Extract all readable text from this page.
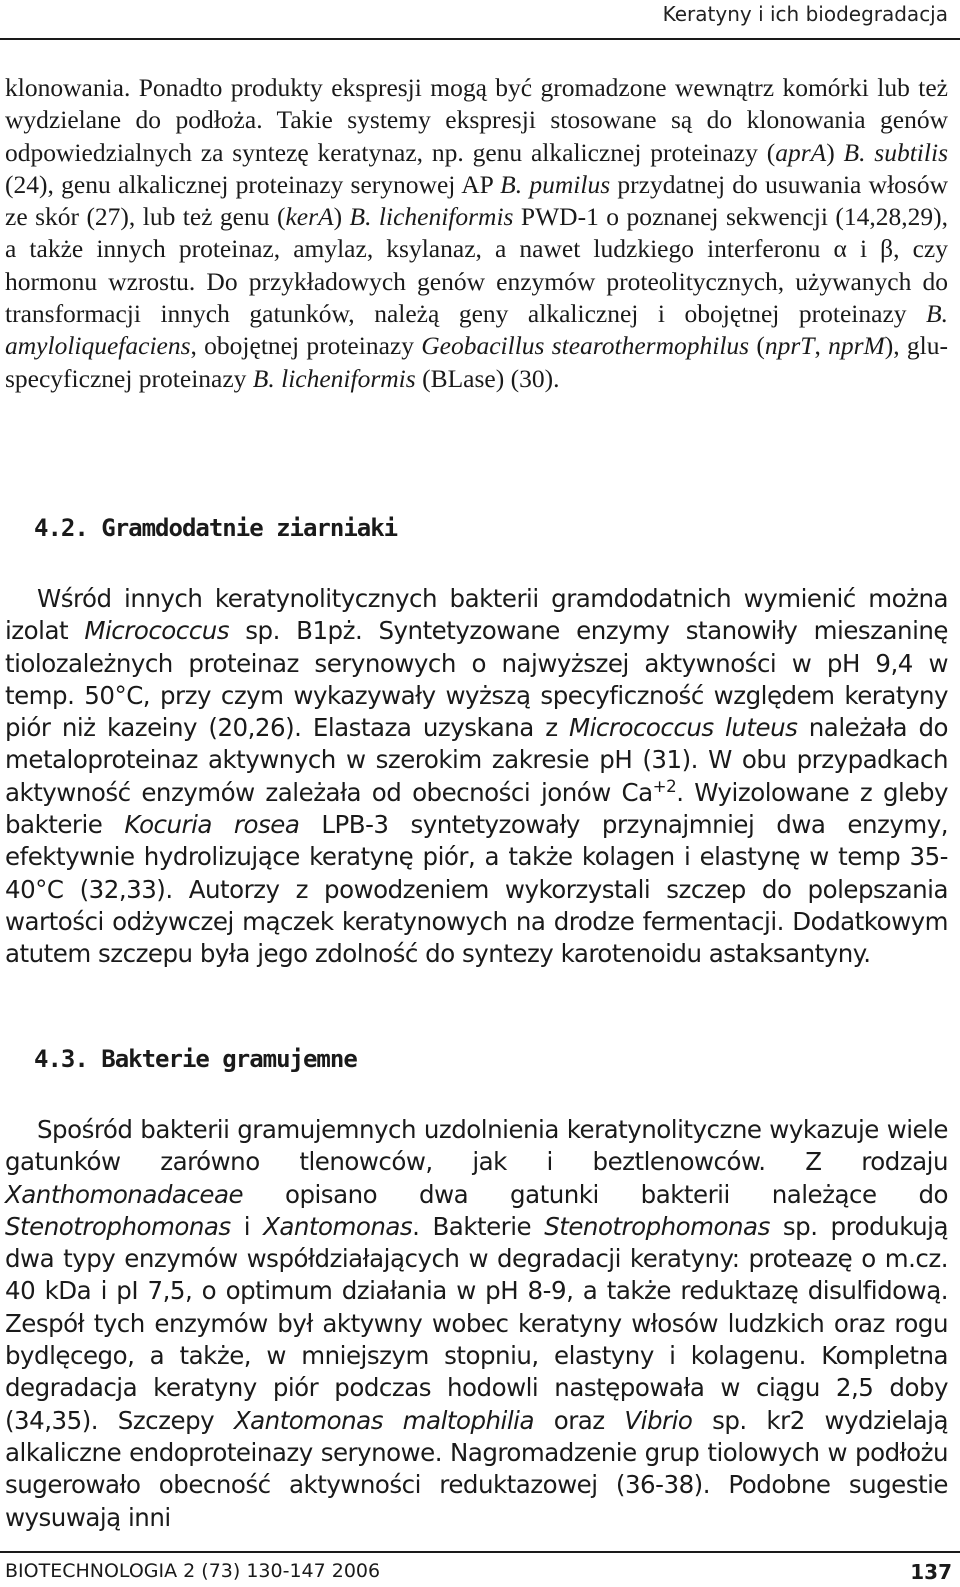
Keratyny i ich biodegradacja

klonowania. Ponadto produkty ekspresji mogą być gromadzone wewnątrz komórki lub też wydzielane do podłoża. Takie systemy ekspresji stosowane są do klonowania genów odpowiedzialnych za syntezę keratynaz, np. genu alkalicznej proteinazy (aprA) B. subtilis (24), genu alkalicznej proteinazy serynowej AP B. pumilus przydatnej do usuwania włosów ze skór (27), lub też genu (kerA) B. licheniformis PWD-1 o poznanej sekwencji (14,28,29), a także innych proteinaz, amylaz, ksylanaz, a nawet ludzkiego interferonu α i β, czy hormonu wzrostu. Do przykładowych genów enzymów proteolitycznych, używanych do transformacji innych gatunków, należą geny alkalicznej i obojętnej proteinazy B. amyloliquefaciens, obojętnej proteinazy Geobacillus stearothermophilus (nprT, nprM), glu-specyficznej proteinazy B. licheniformis (BLase) (30).

4.2. Gramdodatnie ziarniaki

Wśród innych keratynolitycznych bakterii gramdodatnich wymienić można izolat Micrococcus sp. B1pż. Syntetyzowane enzymy stanowiły mieszaninę tiolozależnych proteinaz serynowych o najwyższej aktywności w pH 9,4 w temp. 50°C, przy czym wykazywały wyższą specyficzność względem keratyny piór niż kazeiny (20,26). Elastaza uzyskana z Micrococcus luteus należała do metaloproteinaz aktywnych w szerokim zakresie pH (31). W obu przypadkach aktywność enzymów zależała od obecności jonów $Ca^{+2}$. Wyizolowane z gleby bakterie Kocuria rosea LPB-3 syntetyzowały przynajmniej dwa enzymy, efektywnie hydrolizujące keratynę piór, a także kolagen i elastynę w temp 35-40°C (32,33). Autorzy z powodzeniem wykorzystali szczep do polepszania wartości odżywczej mączek keratynowych na drodze fermentacji. Dodatkowym atutem szczepu była jego zdolność do syntezy karotenoidu astaksantyny.

4.3. Bakterie gramujemne

Spośród bakterii gramujemnych uzdolnienia keratynolityczne wykazuje wiele gatunków zarówno tlenowców, jak i beztlenowców. Z rodzaju Xanthomonadaceae opisano dwa gatunki bakterii należące do Stenotrophomonas i Xantomonas. Bakterie Stenotrophomonas sp. produkują dwa typy enzymów współdziałających w degradacji keratyny: proteazę o m.cz. 40 kDa i pI 7,5, o optimum działania w pH 8-9, a także reduktazę disulfidową. Zespół tych enzymów był aktywny wobec keratyny włosów ludzkich oraz rogu bydlęcego, a także, w mniejszym stopniu, elastyny i kolagenu. Kompletna degradacja keratyny piór podczas hodowli następowała w ciągu 2,5 doby (34,35). Szczepy Xantomonas maltophilia oraz Vibrio sp. kr2 wydzielają alkaliczne endoproteinazy serynowe. Nagromadzenie grup tiolowych w podłożu sugerowało obecność aktywności reduktazowej (36-38). Podobne sugestie wysuwają inni

BIOTECHNOLOGIA 2 (73) 130-147 2006	137
